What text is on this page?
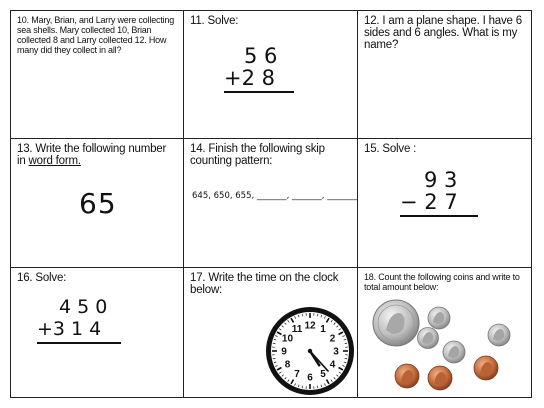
10. Mary, Brian, and Larry were collecting sea shells. Mary collected 10, Brian collected 8 and Larry collected 12. How many did they collect in all?

11. Solve:

5 6
+2 8

12. I am a plane shape. I have 6 sides and 6 angles. What is my name?

13. Write the following number in word form.

65

14. Finish the following skip counting pattern:

645, 650, 655, _______, _______, _______

15. Solve :

9 3
− 2 7

16. Solve:

4 5 0
+3 1 4

17. Write the time on the clock below:

12 1
2
3
4
5
6
7
8
9
10
11

18. Count the following coins and write to total amount below:
